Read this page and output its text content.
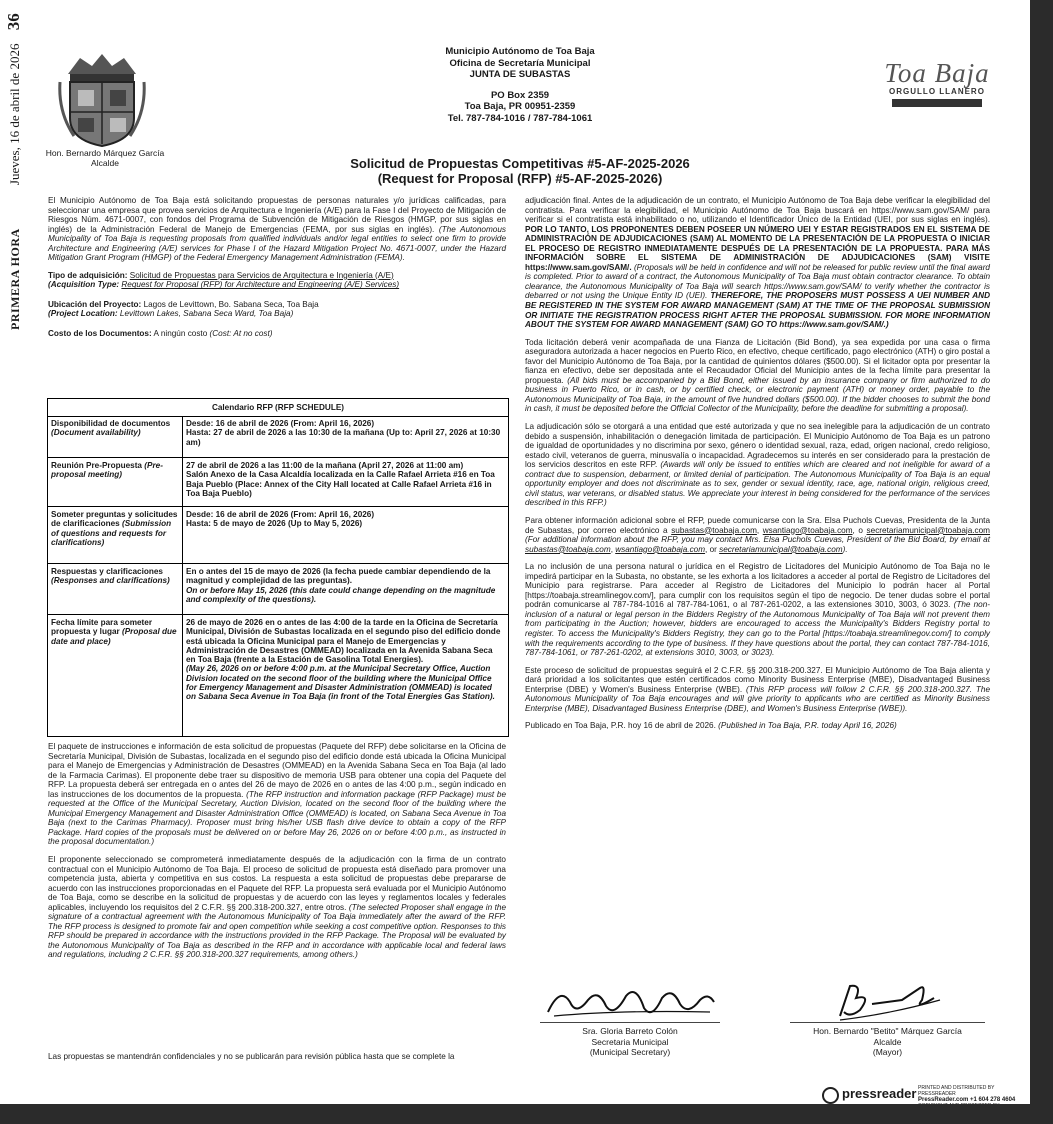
PRIMERA HORA Jueves, 16 de abril de 2026 36
Hon. Bernardo Márquez García
Alcalde
Municipio Autónomo de Toa Baja
Oficina de Secretaría Municipal
JUNTA DE SUBASTAS
PO Box 2359
Toa Baja, PR 00951-2359
Tel. 787-784-1016 / 787-784-1061
Toa Baja
ORGULLO LLANERO
Solicitud de Propuestas Competitivas #5-AF-2025-2026
(Request for Proposal (RFP) #5-AF-2025-2026)

El Municipio Autónomo de Toa Baja está solicitando propuestas de personas naturales y/o jurídicas calificadas, para seleccionar una empresa que provea servicios de Arquitectura e Ingeniería (A/E) para la Fase I del Proyecto de Mitigación de Riesgos Núm. 4671-0007, con fondos del Programa de Subvención de Mitigación de Riesgos (HMGP, por sus siglas en inglés) de la Administración Federal de Manejo de Emergencias (FEMA, por sus siglas en inglés). (The Autonomous Municipality of Toa Baja is requesting proposals from qualified individuals and/or legal entities to select one firm to provide Architecture and Engineering (A/E) services for Phase I of the Hazard Mitigation Project No. 4671-0007, under the Hazard Mitigation Grant Program (HMGP) of the Federal Emergency Management Administration (FEMA).

Tipo de adquisición: Solicitud de Propuestas para Servicios de Arquitectura e Ingeniería (A/E)
(Acquisition Type: Request for Proposal (RFP) for Architecture and Engineering (A/E) Services)

Ubicación del Proyecto: Lagos de Levittown, Bo. Sabana Seca, Toa Baja
(Project Location: Levittown Lakes, Sabana Seca Ward, Toa Baja)

Costo de los Documentos: A ningún costo (Cost: At no cost)

Calendario RFP (RFP SCHEDULE)
Disponibilidad de documentos (Document availability)
Desde: 16 de abril de 2026 (From: April 16, 2026)
Hasta: 27 de abril de 2026 a las 10:30 de la mañana (Up to: April 27, 2026 at 10:30 am)
Reunión Pre-Propuesta (Pre-proposal meeting)
27 de abril de 2026 a las 11:00 de la mañana (April 27, 2026 at 11:00 am)
Salón Anexo de la Casa Alcaldía localizada en la Calle Rafael Arrieta #16 en Toa Baja Pueblo (Place: Annex of the City Hall located at Calle Rafael Arrieta #16 in Toa Baja Pueblo)
Someter preguntas y solicitudes de clarificaciones (Submission of questions and requests for clarifications)
Desde: 16 de abril de 2026 (From: April 16, 2026)
Hasta: 5 de mayo de 2026 (Up to May 5, 2026)
Respuestas y clarificaciones (Responses and clarifications)
En o antes del 15 de mayo de 2026 (la fecha puede cambiar dependiendo de la magnitud y complejidad de las preguntas).
On or before May 15, 2026 (this date could change depending on the magnitude and complexity of the questions).
Fecha límite para someter propuesta y lugar (Proposal due date and place)
26 de mayo de 2026 en o antes de las 4:00 de la tarde en la Oficina de Secretaría Municipal, División de Subastas localizada en el segundo piso del edificio donde está ubicada la Oficina Municipal para el Manejo de Emergencias y Administración de Desastres (OMMEAD) localizada en la Avenida Sabana Seca en Toa Baja (frente a la Estación de Gasolina Total Energies).
(May 26, 2026 on or before 4:00 p.m. at the Municipal Secretary Office, Auction Division located on the second floor of the building where the Municipal Office for Emergency Management and Disaster Administration (OMMEAD) is located on Sabana Seca Avenue in Toa Baja (in front of the Total Energies Gas Station).

El paquete de instrucciones e información de esta solicitud de propuestas (Paquete del RFP) debe solicitarse en la Oficina de Secretaría Municipal, División de Subastas, localizada en el segundo piso del edificio donde está ubicada la Oficina Municipal para el Manejo de Emergencias y Administración de Desastres (OMMEAD) en la Avenida Sabana Seca en Toa Baja (al lado de la Farmacia Carimas). El proponente debe traer su dispositivo de memoria USB para obtener una copia del Paquete del RFP. La propuesta deberá ser entregada en o antes del 26 de mayo de 2026 en o antes de las 4:00 p.m., según indicado en las instrucciones de los documentos de la propuesta. (The RFP instruction and information package (RFP Package) must be requested at the Office of the Municipal Secretary, Auction Division, located on the second floor of the building where the Municipal Emergency Management and Disaster Administration Office (OMMEAD) is located, on Sabana Seca Avenue in Toa Baja (next to the Carimas Pharmacy). Proposer must bring his/her USB flash drive device to obtain a copy of the RFP Package. Hard copies of the proposals must be delivered on or before May 26, 2026 on or before 4:00 p.m., as instructed in the proposal documentation.)

El proponente seleccionado se comprometerá inmediatamente después de la adjudicación con la firma de un contrato contractual con el Municipio Autónomo de Toa Baja. El proceso de solicitud de propuesta está diseñado para promover una competencia justa, abierta y competitiva en sus costos. La respuesta a esta solicitud de propuestas debe prepararse de acuerdo con las instrucciones proporcionadas en el Paquete del RFP. La propuesta será evaluada por el Municipio Autónomo de Toa Baja, como se describe en la solicitud de propuestas y de acuerdo con las leyes y reglamentos locales y federales aplicables, incluyendo los requisitos del 2 C.F.R. §§ 200.318-200.327, entre otros. (The selected Proposer shall engage in the signature of a contractual agreement with the Autonomous Municipality of Toa Baja immediately after the award of the RFP. The RFP process is designed to promote fair and open competition while seeking a cost competitive option. Responses to this RFP should be prepared in accordance with the instructions provided in the RFP Package. The Proposal will be evaluated by the Autonomous Municipality of Toa Baja as described in the RFP and in accordance with applicable local and federal laws and regulations, including 2 C.F.R. §§ 200.318-200.327 requirements, among others.)

Las propuestas se mantendrán confidenciales y no se publicarán para revisión pública hasta que se complete la

adjudicación final. Antes de la adjudicación de un contrato, el Municipio Autónomo de Toa Baja debe verificar la elegibilidad del contratista. Para verificar la elegibilidad, el Municipio Autónomo de Toa Baja buscará en https://www.sam.gov/SAM/ para verificar si el contratista está inhabilitado o no, utilizando el Identificador Único de la Entidad (UEI, por sus siglas en inglés). POR LO TANTO, LOS PROPONENTES DEBEN POSEER UN NÚMERO UEI Y ESTAR REGISTRADOS EN EL SISTEMA DE ADMINISTRACIÓN DE ADJUDICACIONES (SAM) AL MOMENTO DE LA PRESENTACIÓN DE LA PROPUESTA O INICIAR EL PROCESO DE REGISTRO INMEDIATAMENTE DESPUÉS DE LA PRESENTACIÓN DE LA PROPUESTA. PARA MÁS INFORMACIÓN SOBRE EL SISTEMA DE ADMINISTRACIÓN DE ADJUDICACIONES (SAM) VISITE https://www.sam.gov/SAM/. (Proposals will be held in confidence and will not be released for public review until the final award is completed. Prior to award of a contract, the Autonomous Municipality of Toa Baja must obtain contractor clearance. To obtain clearance, the Autonomous Municipality of Toa Baja will search https://www.sam.gov/SAM/ to verify whether the contractor is debarred or not using the Unique Entity ID (UEI). THEREFORE, THE PROPOSERS MUST POSSESS A UEI NUMBER AND BE REGISTERED IN THE SYSTEM FOR AWARD MANAGEMENT (SAM) AT THE TIME OF THE PROPOSAL SUBMISSION OR INITIATE THE REGISTRATION PROCESS RIGHT AFTER THE PROPOSAL SUBMISSION. FOR MORE INFORMATION ABOUT THE SYSTEM FOR AWARD MANAGEMENT (SAM) GO TO https://www.sam.gov/SAM/.)

Toda licitación deberá venir acompañada de una Fianza de Licitación (Bid Bond), ya sea expedida por una casa o firma aseguradora autorizada a hacer negocios en Puerto Rico, en efectivo, cheque certificado, pago electrónico (ATH) o giro postal a favor del Municipio Autónomo de Toa Baja, por la cantidad de quinientos dólares ($500.00). Si el licitador opta por presentar la fianza en efectivo, debe ser depositada ante el Recaudador Oficial del Municipio antes de la fecha límite para presentar la propuesta. (All bids must be accompanied by a Bid Bond, either issued by an insurance company or firm authorized to do business in Puerto Rico, or in cash, or by certified check, or electronic payment (ATH) or money order, payable to the Autonomous Municipality of Toa Baja, in the amount of five hundred dollars ($500.00). If the bidder chooses to submit the bond in cash, it must be deposited before the Official Collector of the Municipality, before the deadline for submitting a proposal).

La adjudicación sólo se otorgará a una entidad que esté autorizada y que no sea inelegible para la adjudicación de un contrato debido a suspensión, inhabilitación o denegación limitada de participación. El Municipio Autónomo de Toa Baja es un patrono de igualdad de oportunidades y no discrimina por sexo, género o identidad sexual, raza, edad, origen nacional, credo religioso, estado civil, veteranos de guerra, minusvalía o incapacidad. Agradecemos su interés en ser considerado para la prestación de los servicios descritos en este RFP. (Awards will only be issued to entities which are cleared and not ineligible for award of a contract due to suspension, debarment, or limited denial of participation. The Autonomous Municipality of Toa Baja is an equal opportunity employer and does not discriminate as to sex, gender or sexual identity, race, age, national origin, religious creed, civil status, war veterans, or disabled status. We appreciate your interest in being considered for the performance of the services described in this RFP.)

Para obtener información adicional sobre el RFP, puede comunicarse con la Sra. Elsa Puchols Cuevas, Presidenta de la Junta de Subastas, por correo electrónico a subastas@toabaja.com, wsantiago@toabaja.com, o secretariamunicipal@toabaja.com (For additional information about the RFP, you may contact Mrs. Elsa Puchols Cuevas, President of the Bid Board, by email at subastas@toabaja.com, wsantiago@toabaja.com, or secretariamunicipal@toabaja.com).

La no inclusión de una persona natural o jurídica en el Registro de Licitadores del Municipio Autónomo de Toa Baja no le impedirá participar en la Subasta, no obstante, se les exhorta a los licitadores a acceder al portal de Registro de Licitadores del Municipio para registrarse. Para acceder al Registro de Licitadores del Municipio lo podrán hacer al Portal [https://toabaja.streamlinegov.com/], para cumplir con los requisitos según el tipo de negocio. De tener dudas sobre el portal podrán comunicarse al 787-784-1016 al 787-784-1061, o al 787-261-0202, a las extensiones 3010, 3003, ó 3023. (The non-inclusion of a natural or legal person in the Bidders Registry of the Autonomous Municipality of Toa Baja will not prevent them from participating in the Auction; however, bidders are encouraged to access the Municipality's Bidders Registry portal to register. To access the Municipality's Bidders Registry, they can go to the Portal [https://toabaja.streamlinegov.com/] to comply with the requirements according to the type of business. If they have questions about the portal, they can contact 787-784-1016, 787-784-1061, or 787-261-0202, at extensions 3010, 3003, or 3023).

Este proceso de solicitud de propuestas seguirá el 2 C.F.R. §§ 200.318-200.327. El Municipio Autónomo de Toa Baja alienta y dará prioridad a los solicitantes que estén certificados como Minority Business Enterprise (MBE), Disadvantaged Business Enterprise (DBE) y Women's Business Enterprise (WBE). (This RFP process will follow 2 C.F.R. §§ 200.318-200.327. The Autonomous Municipality of Toa Baja encourages and will give priority to applicants who are certified as Minority Business Enterprise (MBE), Disadvantaged Business Enterprise (DBE), and Women's Business Enterprise (WBE)).

Publicado en Toa Baja, P.R. hoy 16 de abril de 2026. (Published in Toa Baja, P.R. today April 16, 2026)

Sra. Gloria Barreto Colón
Secretaria Municipal
(Municipal Secretary)
Hon. Bernardo "Betito" Márquez García
Alcalde
(Mayor)
pressreader PRINTED AND DISTRIBUTED BY PRESSREADER
PressReader.com +1 604 278 4604
